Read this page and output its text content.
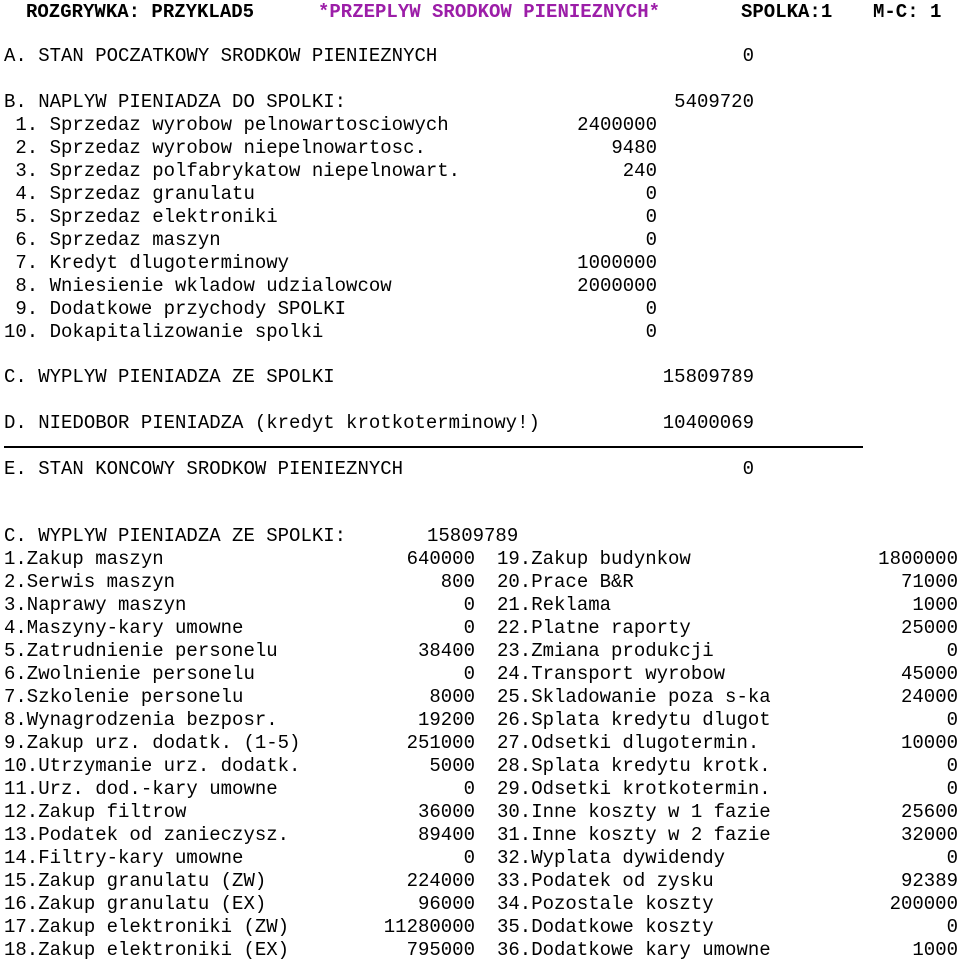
ROZGRYWKA: PRZYKLAD5	*PRZEPLYW SRODKOW PIENIEZNYCH*	SPOLKA:1 M-C: 1
A. STAN POCZATKOWY SRODKOW PIENIEZNYCH	0
B. NAPLYW PIENIADZA DO SPOLKI:	5409720
1. Sprzedaz wyrobow pelnowartosciowych	2400000
2. Sprzedaz wyrobow niepelnowartosc.	9480
3. Sprzedaz polfabrykatow niepelnowart.	240
4. Sprzedaz granulatu	0
5. Sprzedaz elektroniki	0
6. Sprzedaz maszyn	0
7. Kredyt dlugoterminowy	1000000
8. Wniesienie wkladow udzialowcow	2000000
9. Dodatkowe przychody SPOLKI	0
10. Dokapitalizowanie spolki	0
C. WYPLYW PIENIADZA ZE SPOLKI	15809789
D. NIEDOBOR PIENIADZA (kredyt krotkoterminowy!)	10400069
E. STAN KONCOWY SRODKOW PIENIEZNYCH	0
C. WYPLYW PIENIADZA ZE SPOLKI:	15809789
1.Zakup maszyn	640000
2.Serwis maszyn	800
3.Naprawy maszyn	0
4.Maszyny-kary umowne	0
5.Zatrudnienie personelu	38400
6.Zwolnienie personelu	0
7.Szkolenie personelu	8000
8.Wynagrodzenia bezposr.	19200
9.Zakup urz. dodatk. (1-5)	251000
10.Utrzymanie urz. dodatk.	5000
11.Urz. dod.-kary umowne	0
12.Zakup filtrow	36000
13.Podatek od zanieczysz.	89400
14.Filtry-kary umowne	0
15.Zakup granulatu (ZW)	224000
16.Zakup granulatu (EX)	96000
17.Zakup elektroniki (ZW)	11280000
18.Zakup elektroniki (EX)	795000
19.Zakup budynkow	1800000
20.Prace B&R	71000
21.Reklama	1000
22.Platne raporty	25000
23.Zmiana produkcji	0
24.Transport wyrobow	45000
25.Skladowanie poza s-ka	24000
26.Splata kredytu dlugot	0
27.Odsetki dlugotermin.	10000
28.Splata kredytu krotk.	0
29.Odsetki krotkotermin.	0
30.Inne koszty w 1 fazie	25600
31.Inne koszty w 2 fazie	32000
32.Wyplata dywidendy	0
33.Podatek od zysku	92389
34.Pozostale koszty	200000
35.Dodatkowe koszty	0
36.Dodatkowe kary umowne	1000
